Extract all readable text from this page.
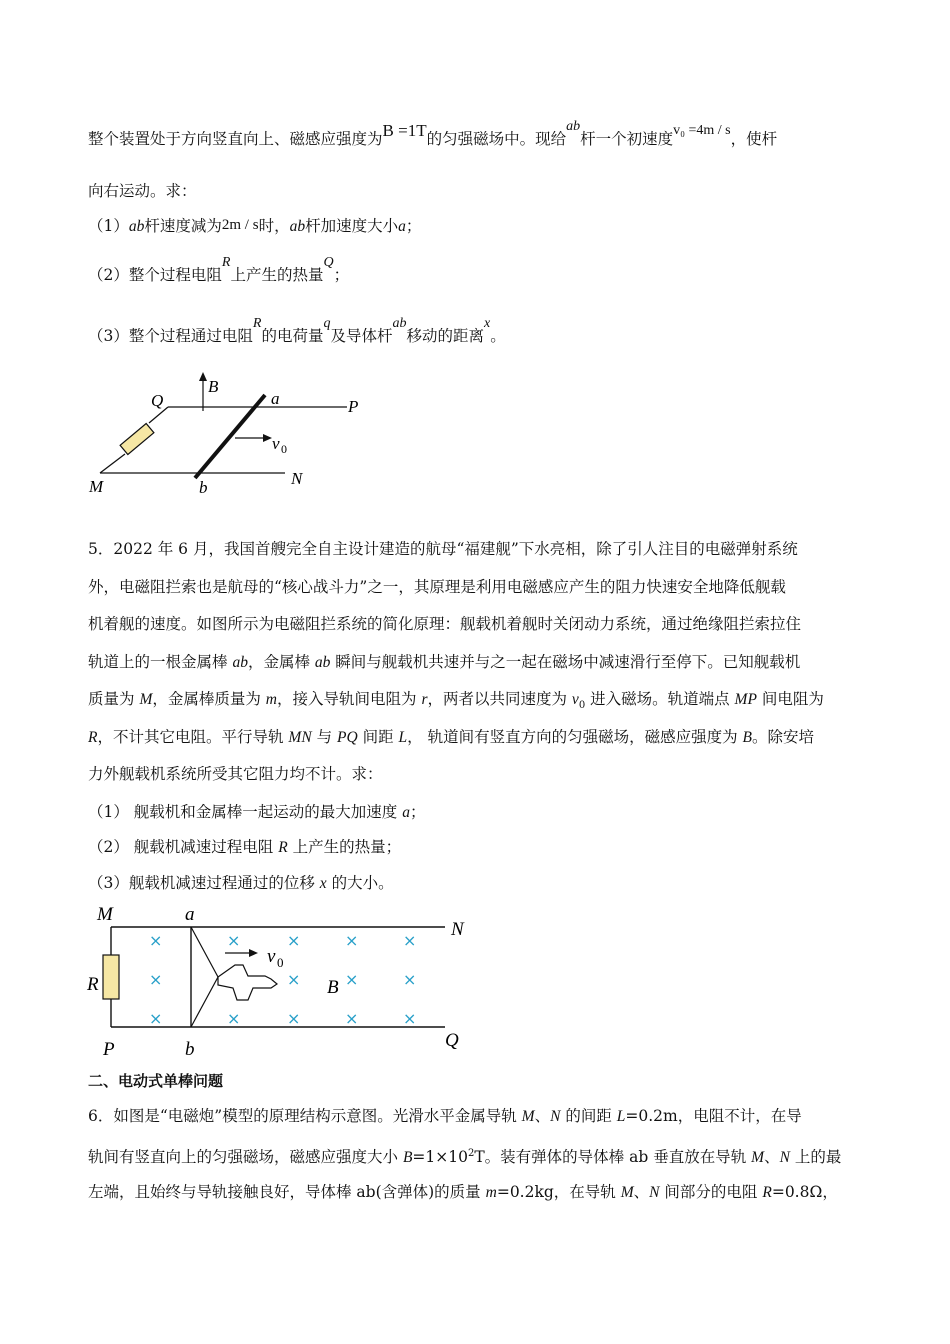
整个装置处于方向竖直向上、磁感应强度为B =1T的匀强磁场中。现给ab杆一个初速度v₀ =4m / s，使杆
向右运动。求：
（1）ab杆速度减为2m / s时，ab杆加速度大小a；
（2）整个过程电阻R上产生的热量Q；
（3）整个过程通过电阻R的电荷量q及导体杆ab移动的距离x。
B
Q	a	P
v 0
M	b	N
5．2022 年 6 月，我国首艘完全自主设计建造的航母“福建舰”下水亮相，除了引人注目的电磁弹射系统
外，电磁阻拦索也是航母的“核心战斗力”之一，其原理是利用电磁感应产生的阻力快速安全地降低舰载
机着舰的速度。如图所示为电磁阻拦系统的简化原理：舰载机着舰时关闭动力系统，通过绝缘阻拦索拉住
轨道上的一根金属棒 ab，金属棒 ab 瞬间与舰载机共速并与之一起在磁场中减速滑行至停下。已知舰载机
质量为 M，金属棒质量为 m，接入导轨间电阻为 r，两者以共同速度为 $v_0$ 进入磁场。轨道端点 MP 间电阻为
R，不计其它电阻。平行导轨 MN 与 PQ 间距 L， 轨道间有竖直方向的匀强磁场，磁感应强度为 B。除安培
力外舰载机系统所受其它阻力均不计。求：
（1） 舰载机和金属棒一起运动的最大加速度 a；
（2） 舰载机减速过程电阻 R 上产生的热量；
（3）舰载机减速过程通过的位移 x 的大小。
×
×
×
×
×
×
×
×
×
×
×
×
×
×
M	a
N
R
v 0
B
P	b	Q
二、电动式单棒问题
6．如图是“电磁炮”模型的原理结构示意图。光滑水平金属导轨 M、N 的间距 L=0.2m，电阻不计，在导
轨间有竖直向上的匀强磁场，磁感应强度大小 $B=1\times 10^2T$。装有弹体的导体棒 ab 垂直放在导轨 M、N 上的最
左端，且始终与导轨接触良好，导体棒 ab(含弹体)的质量 m=0.2kg，在导轨 M、N 间部分的电阻 R=0.8Ω，
